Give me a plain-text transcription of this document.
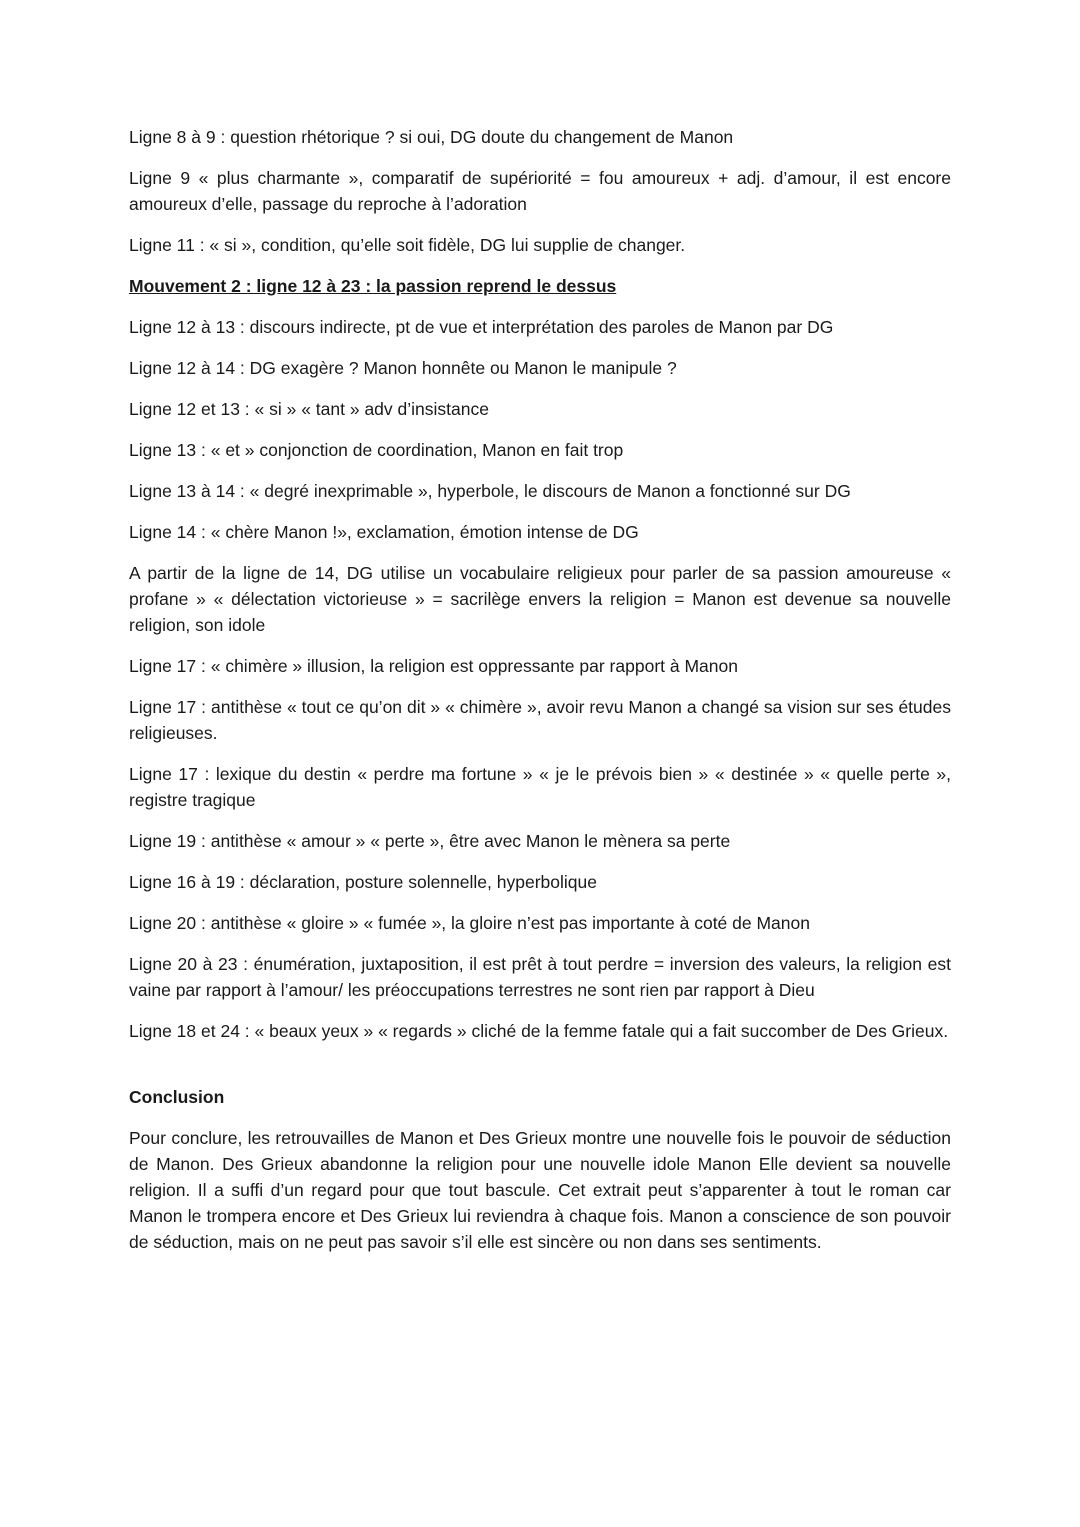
Ligne 8 à 9 : question rhétorique ? si oui, DG doute du changement de Manon

Ligne 9 « plus charmante », comparatif de supériorité = fou amoureux + adj. d’amour, il est encore amoureux d’elle, passage du reproche à l’adoration

Ligne 11 : « si », condition, qu’elle soit fidèle, DG lui supplie de changer.

Mouvement 2 : ligne 12 à 23 : la passion reprend le dessus

Ligne 12 à 13 : discours indirecte, pt de vue et interprétation des paroles de Manon par DG

Ligne 12 à 14 : DG exagère ? Manon honnête ou Manon le manipule ?

Ligne 12 et 13 : « si » « tant » adv d’insistance

Ligne 13 : « et » conjonction de coordination, Manon en fait trop

Ligne 13 à 14 : « degré inexprimable », hyperbole, le discours de Manon a fonctionné sur DG

Ligne 14 : « chère Manon !», exclamation, émotion intense de DG

A partir de la ligne de 14, DG utilise un vocabulaire religieux pour parler de sa passion amoureuse « profane » « délectation victorieuse » = sacrilège envers la religion = Manon est devenue sa nouvelle religion, son idole

Ligne 17 : « chimère » illusion, la religion est oppressante par rapport à Manon

Ligne 17 : antithèse « tout ce qu’on dit » « chimère », avoir revu Manon a changé sa vision sur ses études religieuses.

Ligne 17 : lexique du destin « perdre ma fortune » « je le prévois bien » « destinée » « quelle perte », registre tragique

Ligne 19 : antithèse « amour » « perte », être avec Manon le mènera sa perte

Ligne 16 à 19 : déclaration, posture solennelle, hyperbolique

Ligne 20 : antithèse « gloire » « fumée », la gloire n’est pas importante à coté de Manon

Ligne 20 à 23 : énumération, juxtaposition, il est prêt à tout perdre = inversion des valeurs, la religion est vaine par rapport à l’amour/ les préoccupations terrestres ne sont rien par rapport à Dieu

Ligne 18 et 24 : « beaux yeux » « regards » cliché de la femme fatale qui a fait succomber de Des Grieux.

Conclusion

Pour conclure, les retrouvailles de Manon et Des Grieux montre une nouvelle fois le pouvoir de séduction de Manon. Des Grieux abandonne la religion pour une nouvelle idole Manon Elle devient sa nouvelle religion. Il a suffi d’un regard pour que tout bascule. Cet extrait peut s’apparenter à tout le roman car Manon le trompera encore et Des Grieux lui reviendra à chaque fois. Manon a conscience de son pouvoir de séduction, mais on ne peut pas savoir s’il elle est sincère ou non dans ses sentiments.
